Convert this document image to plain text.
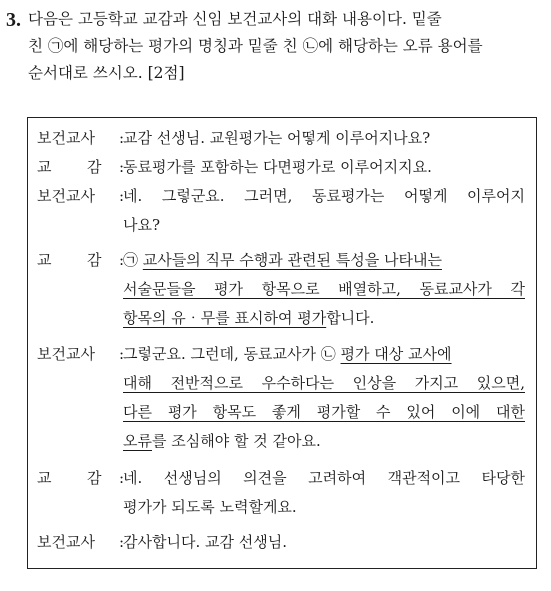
3. 다음은 고등학교 교감과 신임 보건교사의 대화 내용이다. 밑줄
친 ㉠에 해당하는 평가의 명칭과 밑줄 친 ㉡에 해당하는 오류 용어를
순서대로 쓰시오. [2점]
보건교사 :
교감 선생님. 교원평가는 어떻게 이루어지나요?
교 감 :
동료평가를 포함하는 다면평가로 이루어지지요.
보건교사 :
네. 그렇군요. 그러면, 동료평가는 어떻게 이루어지
나요?
교 감 :
㉠ 교사들의 직무 수행과 관련된 특성을 나타내는
서술문들을 평가 항목으로 배열하고, 동료교사가 각
항목의 유‧무를 표시하여 평가합니다.
보건교사 :
그렇군요. 그런데, 동료교사가 ㉡ 평가 대상 교사에
대해 전반적으로 우수하다는 인상을 가지고 있으면,
다른 평가 항목도 좋게 평가할 수 있어 이에 대한
오류를 조심해야 할 것 같아요.
교 감 :
네. 선생님의 의견을 고려하여 객관적이고 타당한
평가가 되도록 노력할게요.
보건교사 :
감사합니다. 교감 선생님.
